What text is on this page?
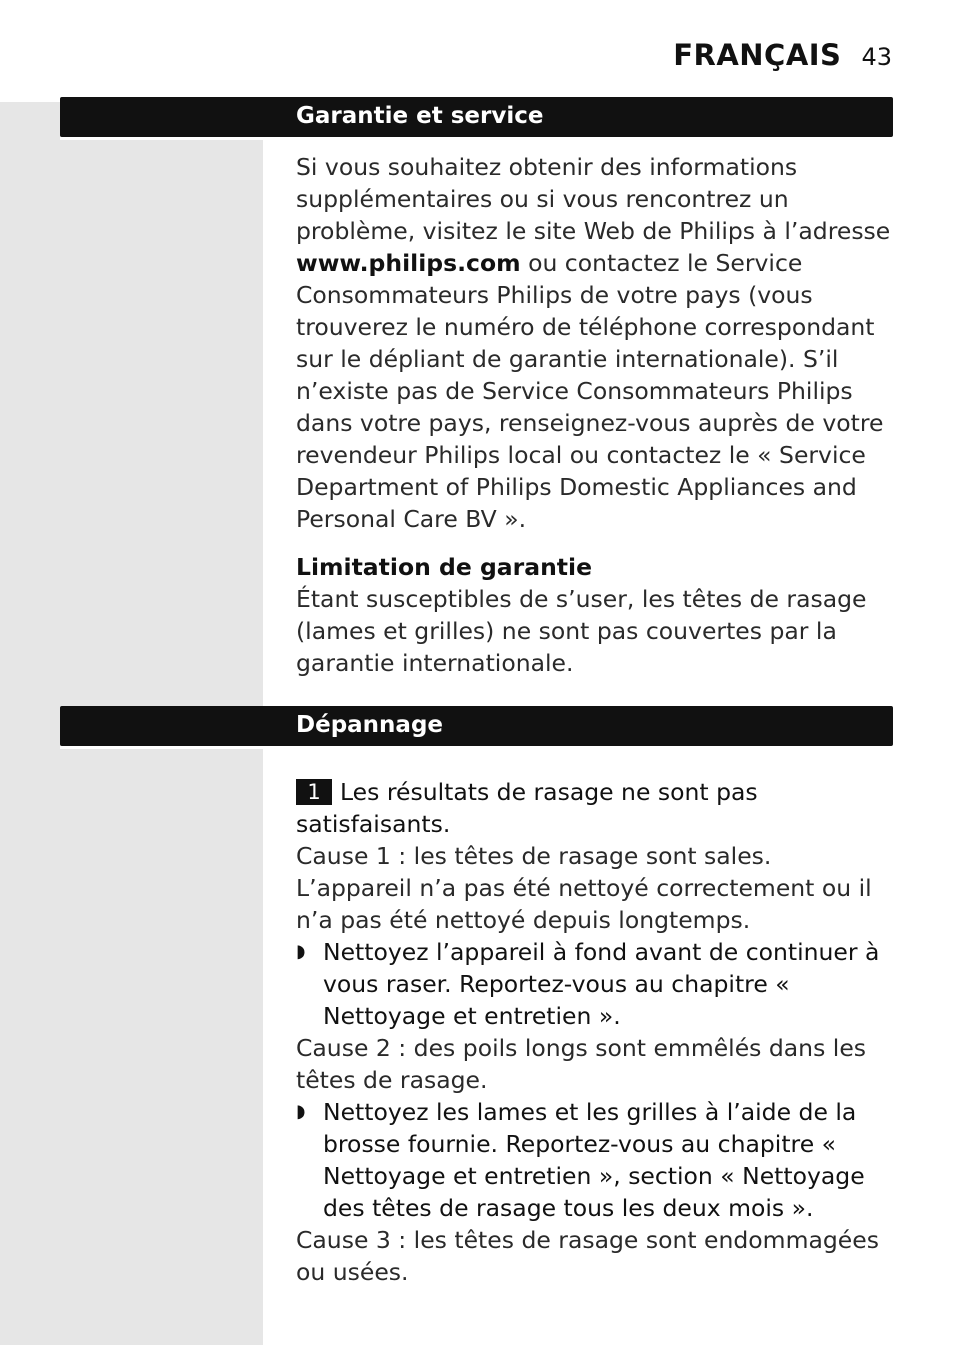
FRANÇAIS 43
Garantie et service

Si vous souhaitez obtenir des informations supplémentaires ou si vous rencontrez un problème, visitez le site Web de Philips à l’adresse
www.philips.com ou contactez le Service Consommateurs Philips de votre pays (vous trouverez le numéro de téléphone correspondant sur le dépliant de garantie internationale). S’il n’existe pas de Service Consommateurs Philips dans votre pays, renseignez-vous auprès de votre revendeur Philips local ou contactez le « Service Department of Philips Domestic Appliances and
Personal Care BV ».

Limitation de garantie

Étant susceptibles de s’user, les têtes de rasage (lames et grilles) ne sont pas couvertes par la garantie internationale.

Dépannage

1 Les résultats de rasage ne sont pas satisfaisants.

Cause 1 : les têtes de rasage sont sales.

L’appareil n’a pas été nettoyé correctement ou il n’a pas été nettoyé depuis longtemps.

◗ Nettoyez l’appareil à fond avant de continuer à vous raser. Reportez-vous au chapitre « Nettoyage et entretien ».

Cause 2 : des poils longs sont emmêlés dans les têtes de rasage.

◗ Nettoyez les lames et les grilles à l’aide de la brosse fournie. Reportez-vous au chapitre « Nettoyage et entretien », section « Nettoyage des têtes de rasage tous les deux mois ».

Cause 3 : les têtes de rasage sont endommagées ou usées.
